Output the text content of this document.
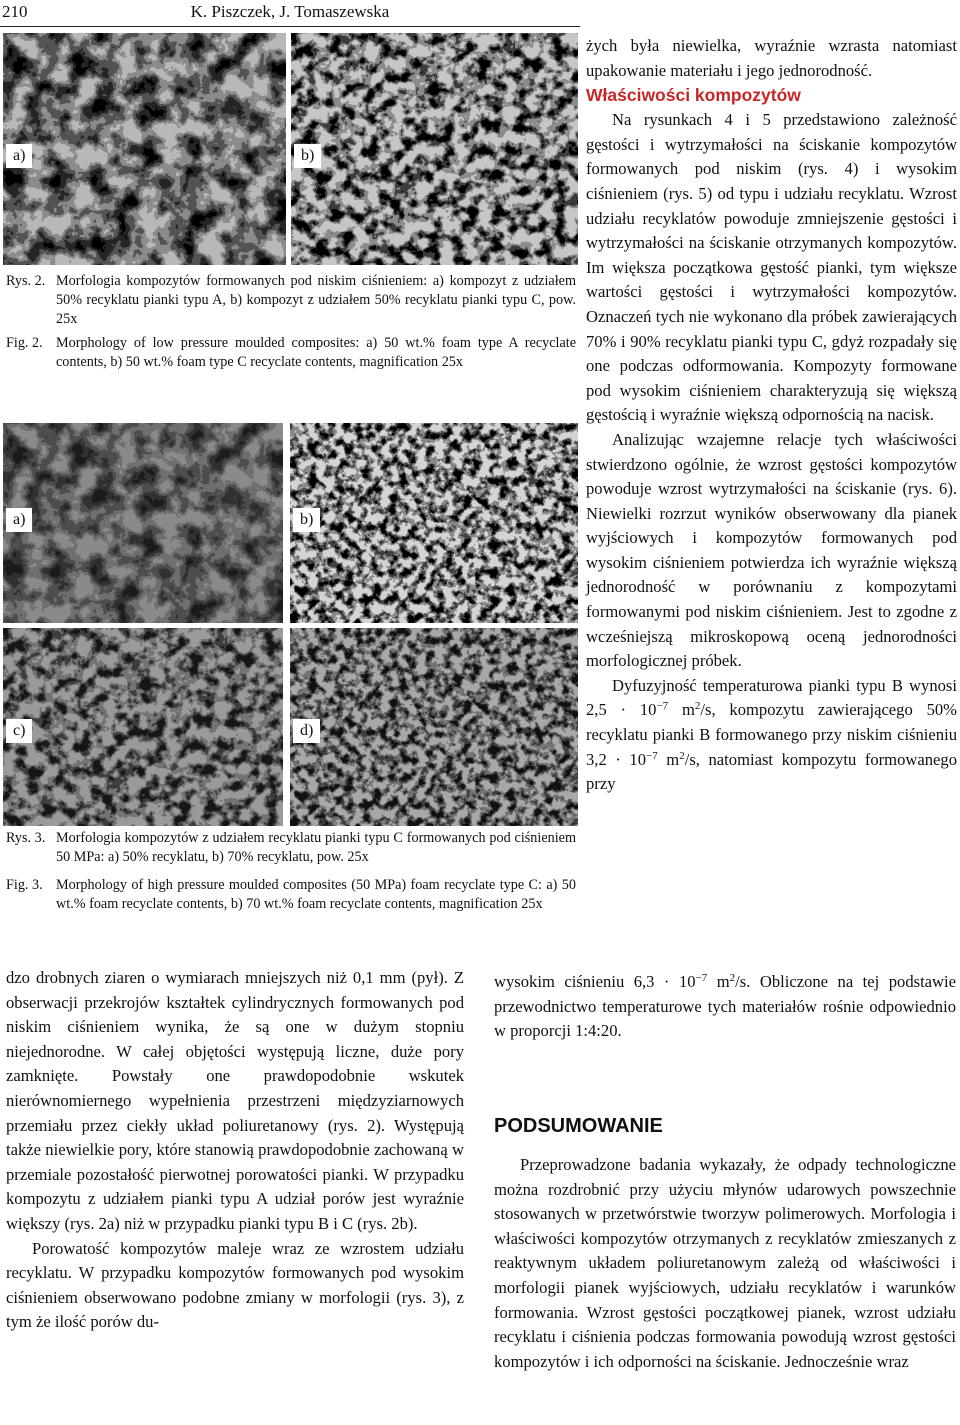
210	K. Piszczek, J. Tomaszewska
a)	b)
Rys. 2. Morfologia kompozytów formowanych pod niskim ciśnieniem: a) kompozyt z udziałem 50% recyklatu pianki typu A, b) kompozyt z udziałem 50% recyklatu pianki typu C, pow. 25x
Fig. 2. Morphology of low pressure moulded composites: a) 50 wt.% foam type A recyclate contents, b) 50 wt.% foam type C recyclate contents, magnification 25x
a)	b)
c)	d)
Rys. 3. Morfologia kompozytów z udziałem recyklatu pianki typu C formowanych pod ciśnieniem 50 MPa: a) 50% recyklatu, b) 70% recyklatu, pow. 25x
Fig. 3. Morphology of high pressure moulded composites (50 MPa) foam recyclate type C: a) 50 wt.% foam recyclate contents, b) 70 wt.% foam recyclate contents, magnification 25x

dzo drobnych ziaren o wymiarach mniejszych niż 0,1 mm (pył). Z obserwacji przekrojów kształtek cylindrycznych formowanych pod niskim ciśnieniem wynika, że są one w dużym stopniu niejednorodne. W całej objętości występują liczne, duże pory zamknięte. Powstały one prawdopodobnie wskutek nierównomiernego wypełnienia przestrzeni międzyziarnowych przemiału przez ciekły układ poliuretanowy (rys. 2). Występują także niewielkie pory, które stanowią prawdopodobnie zachowaną w przemiale pozostałość pierwotnej porowatości pianki. W przypadku kompozytu z udziałem pianki typu A udział porów jest wyraźnie większy (rys. 2a) niż w przypadku pianki typu B i C (rys. 2b).

Porowatość kompozytów maleje wraz ze wzrostem udziału recyklatu. W przypadku kompozytów formowanych pod wysokim ciśnieniem obserwowano podobne zmiany w morfologii (rys. 3), z tym że ilość porów du-

żych była niewielka, wyraźnie wzrasta natomiast upakowanie materiału i jego jednorodność.

Właściwości kompozytów

Na rysunkach 4 i 5 przedstawiono zależność gęstości i wytrzymałości na ściskanie kompozytów formowanych pod niskim (rys. 4) i wysokim ciśnieniem (rys. 5) od typu i udziału recyklatu. Wzrost udziału recyklatów powoduje zmniejszenie gęstości i wytrzymałości na ściskanie otrzymanych kompozytów. Im większa początkowa gęstość pianki, tym większe wartości gęstości i wytrzymałości kompozytów. Oznaczeń tych nie wykonano dla próbek zawierających 70% i 90% recyklatu pianki typu C, gdyż rozpadały się one podczas odformowania. Kompozyty formowane pod wysokim ciśnieniem charakteryzują się większą gęstością i wyraźnie większą odpornością na nacisk.

Analizując wzajemne relacje tych właściwości stwierdzono ogólnie, że wzrost gęstości kompozytów powoduje wzrost wytrzymałości na ściskanie (rys. 6). Niewielki rozrzut wyników obserwowany dla pianek wyjściowych i kompozytów formowanych pod wysokim ciśnieniem potwierdza ich wyraźnie większą jednorodność w porównaniu z kompozytami formowanymi pod niskim ciśnieniem. Jest to zgodne z wcześniejszą mikroskopową oceną jednorodności morfologicznej próbek.

Dyfuzyjność temperaturowa pianki typu B wynosi $2,5 \cdot 10^{-7}$ $m^2/s$, kompozytu zawierającego 50% recyklatu pianki B formowanego przy niskim ciśnieniu $3,2 \cdot 10^{-7}$ $m^2/s$, natomiast kompozytu formowanego przy

wysokim ciśnieniu $6,3 \cdot 10^{-7}$ $m^2/s$. Obliczone na tej podstawie przewodnictwo temperaturowe tych materiałów rośnie odpowiednio w proporcji 1:4:20.

PODSUMOWANIE

Przeprowadzone badania wykazały, że odpady technologiczne można rozdrobnić przy użyciu młynów udarowych powszechnie stosowanych w przetwórstwie tworzyw polimerowych. Morfologia i właściwości kompozytów otrzymanych z recyklatów zmieszanych z reaktywnym układem poliuretanowym zależą od właściwości i morfologii pianek wyjściowych, udziału recyklatów i warunków formowania. Wzrost gęstości początkowej pianek, wzrost udziału recyklatu i ciśnienia podczas formowania powodują wzrost gęstości kompozytów i ich odporności na ściskanie. Jednocześnie wraz
